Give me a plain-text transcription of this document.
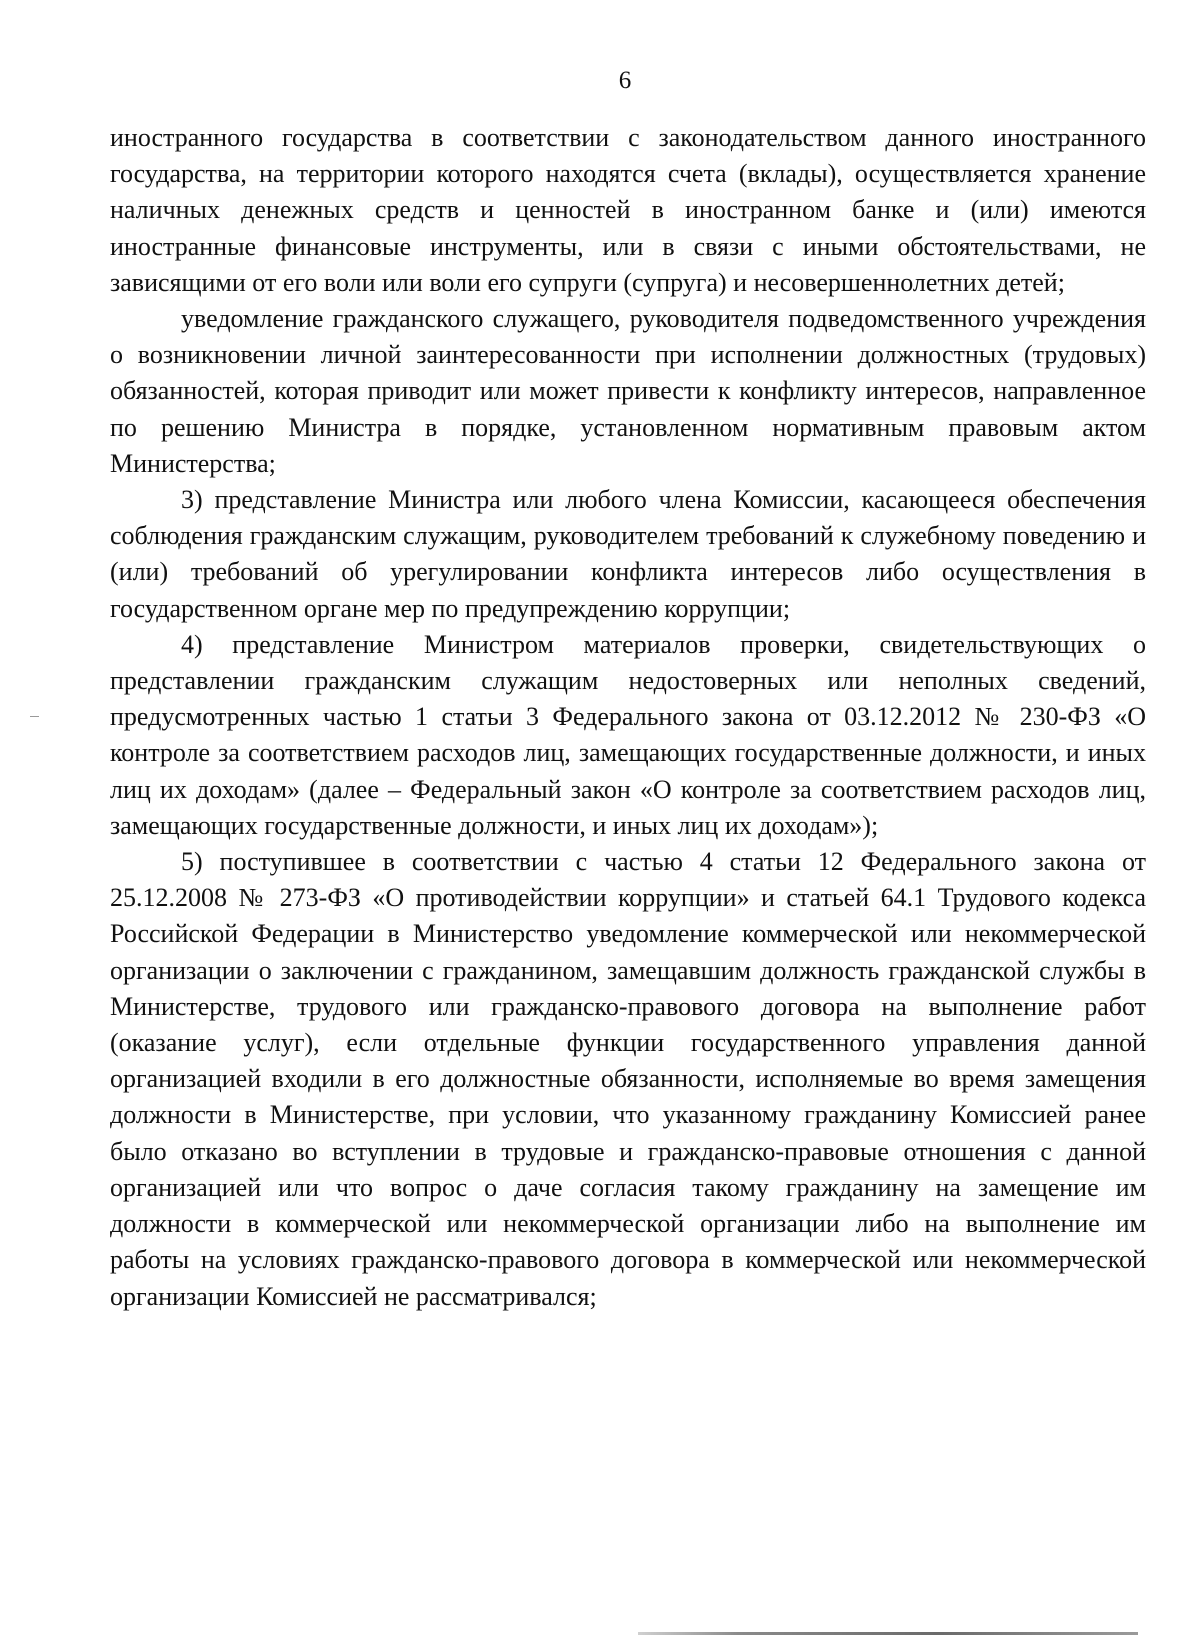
6

иностранного государства в соответствии с законодательством данного иностранного государства, на территории которого находятся счета (вклады), осуществляется хранение наличных денежных средств и ценностей в иностранном банке и (или) имеются иностранные финансовые инструменты, или в связи с иными обстоятельствами, не зависящими от его воли или воли его супруги (супруга) и несовершеннолетних детей;

уведомление гражданского служащего, руководителя подведомственного учреждения о возникновении личной заинтересованности при исполнении должностных (трудовых) обязанностей, которая приводит или может привести к конфликту интересов, направленное по решению Министра в порядке, установленном нормативным правовым актом Министерства;

3) представление Министра или любого члена Комиссии, касающееся обеспечения соблюдения гражданским служащим, руководителем требований к служебному поведению и (или) требований об урегулировании конфликта интересов либо осуществления в государственном органе мер по предупреждению коррупции;

4) представление Министром материалов проверки, свидетельствующих о представлении гражданским служащим недостоверных или неполных сведений, предусмотренных частью 1 статьи 3 Федерального закона от 03.12.2012 № 230-ФЗ «О контроле за соответствием расходов лиц, замещающих государственные должности, и иных лиц их доходам» (далее – Федеральный закон «О контроле за соответствием расходов лиц, замещающих государственные должности, и иных лиц их доходам»);

5) поступившее в соответствии с частью 4 статьи 12 Федерального закона от 25.12.2008 № 273-ФЗ «О противодействии коррупции» и статьей 64.1 Трудового кодекса Российской Федерации в Министерство уведомление коммерческой или некоммерческой организации о заключении с гражданином, замещавшим должность гражданской службы в Министерстве, трудового или гражданско-правового договора на выполнение работ (оказание услуг), если отдельные функции государственного управления данной организацией входили в его должностные обязанности, исполняемые во время замещения должности в Министерстве, при условии, что указанному гражданину Комиссией ранее было отказано во вступлении в трудовые и гражданско-правовые отношения с данной организацией или что вопрос о даче согласия такому гражданину на замещение им должности в коммерческой или некоммерческой организации либо на выполнение им работы на условиях гражданско-правового договора в коммерческой или некоммерческой организации Комиссией не рассматривался;
